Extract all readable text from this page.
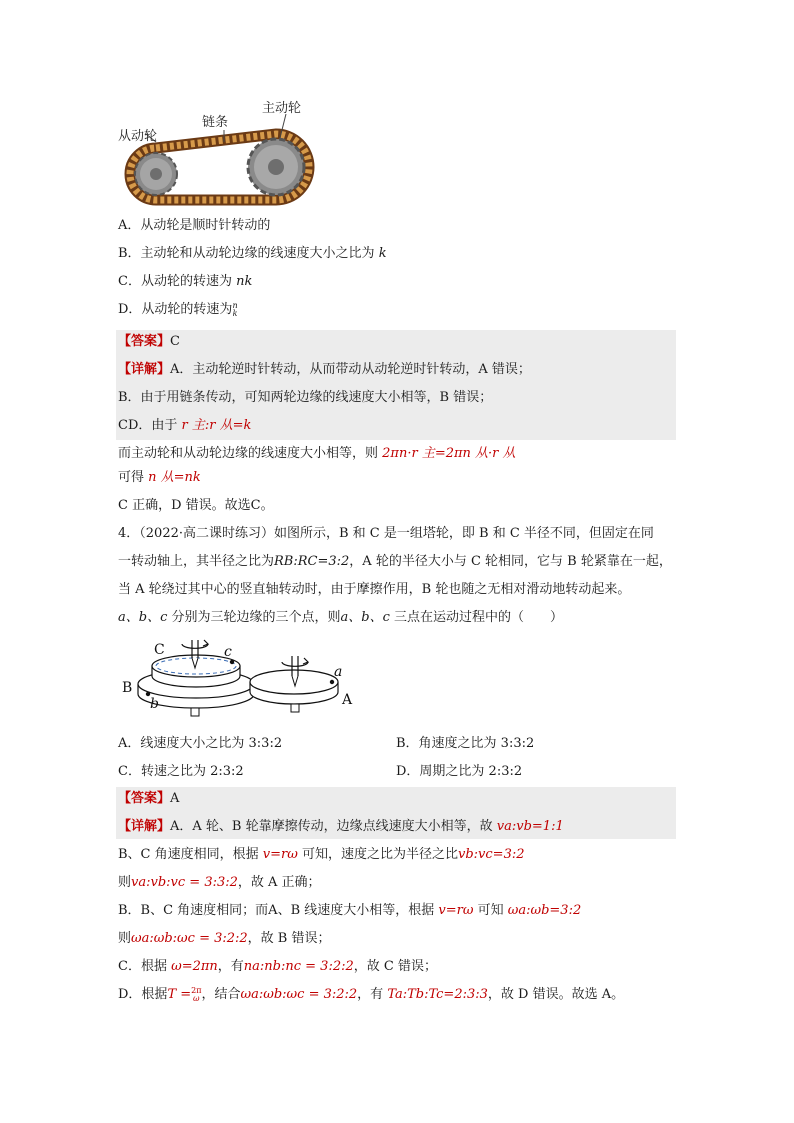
从动轮
链条
主动轮
A．从动轮是顺时针转动的
B．主动轮和从动轮边缘的线速度大小之比为 k
C．从动轮的转速为 nk
D．从动轮的转速为n
k
【答案】C
【详解】A．主动轮逆时针转动，从而带动从动轮逆时针转动，A 错误；
B．由于用链条传动，可知两轮边缘的线速度大小相等，B 错误；
CD．由于 r 主:r 从=k
而主动轮和从动轮边缘的线速度大小相等，则 2πn·r 主=2πn 从·r 从
可得 n 从=nk
C 正确，D 错误。故选C。
4．（2022·高二课时练习）如图所示，B 和 C 是一组塔轮，即 B 和 C 半径不同，但固定在同
一转动轴上，其半径之比为RB:RC=3:2，A 轮的半径大小与 C 轮相同，它与 B 轮紧靠在一起，
当 A 轮绕过其中心的竖直轴转动时，由于摩擦作用，B 轮也随之无相对滑动地转动起来。
a、b、c 分别为三轮边缘的三个点，则a、b、c 三点在运动过程中的（　　）
C	c
B
b
a
A
A．线速度大小之比为 3:3:2	B．角速度之比为 3:3:2
C．转速之比为 2:3:2	D．周期之比为 2:3:2
【答案】A
【详解】A．A 轮、B 轮靠摩擦传动，边缘点线速度大小相等，故 va:vb=1:1
B、C 角速度相同，根据 v=rω 可知，速度之比为半径之比vb:vc=3:2
则va:vb:vc = 3:3:2，故 A 正确；
B．B、C 角速度相同；而A、B 线速度大小相等，根据 v=rω 可知 ωa:ωb=3:2
则ωa:ωb:ωc = 3:2:2，故 B 错误；
C．根据 ω=2πn，有na:nb:nc = 3:2:2，故 C 错误；
D．根据T =2π
ω ，结合ωa:ωb:ωc = 3:2:2，有 Ta:Tb:Tc=2:3:3，故 D 错误。故选 A。
